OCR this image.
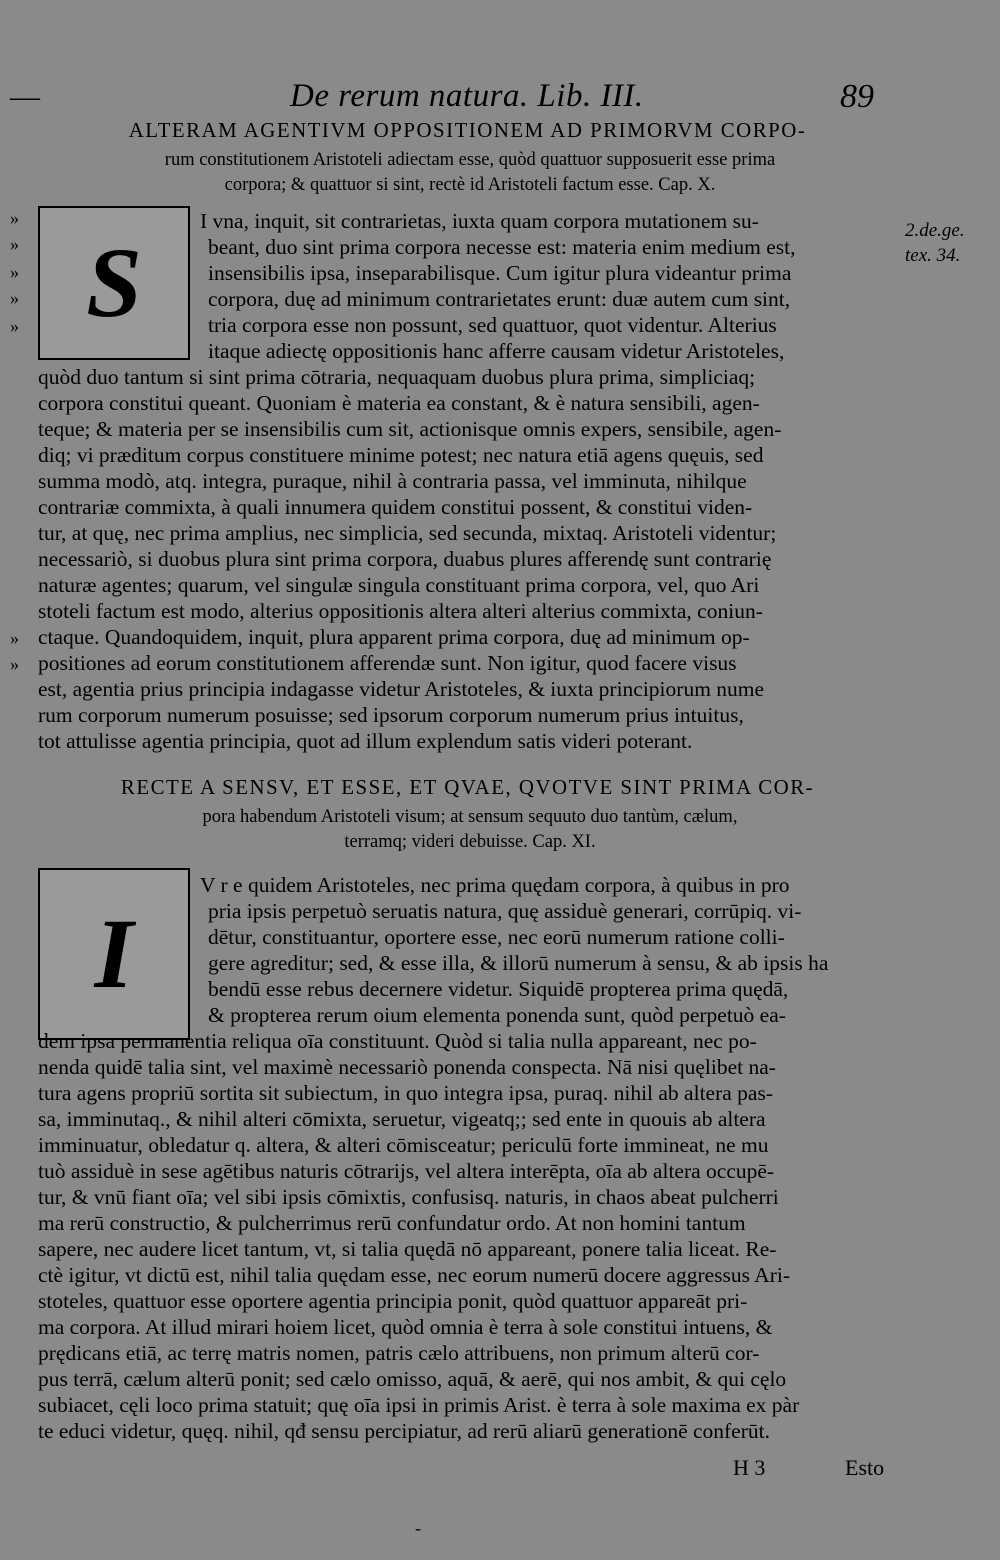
—	De rerum natura. Lib. III.	89
ALTERAM AGENTIVM OPPOSITIONEM AD PRIMORVM CORPO-
rum constitutionem Aristoteli adiectam esse, quòd quattuor supposuerit esse prima
corpora; & quattuor si sint, rectè id Aristoteli factum esse. Cap. X.
S
»
»
»
»
»
2.de.ge.
tex. 34.
I vna, inquit, sit contrarietas, iuxta quam corpora mutationem su-
beant, duo sint prima corpora necesse est: materia enim medium est,
insensibilis ipsa, inseparabilisque. Cum igitur plura videantur prima
corpora, duę ad minimum contrarietates erunt: duæ autem cum sint,
tria corpora esse non possunt, sed quattuor, quot videntur. Alterius
itaque adiectę oppositionis hanc afferre causam videtur Aristoteles,
quòd duo tantum si sint prima cōtraria, nequaquam duobus plura prima, simpliciaq;
corpora constitui queant. Quoniam è materia ea constant, & è natura sensibili, agen-
teque; & materia per se insensibilis cum sit, actionisque omnis expers, sensibile, agen-
diq; vi prӕditum corpus constituere minime potest; nec natura etiā agens quęuis, sed
summa modò, atq. integra, puraque, nihil à contraria passa, vel imminuta, nihilque
contrariæ commixta, à quali innumera quidem constitui possent, & constitui viden-
tur, at quę, nec prima amplius, nec simplicia, sed secunda, mixtaq. Aristoteli videntur;
necessariò, si duobus plura sint prima corpora, duabus plures afferendę sunt contrarię
naturæ agentes; quarum, vel singulæ singula constituant prima corpora, vel, quo Ari
stoteli factum est modo, alterius oppositionis altera alteri alterius commixta, coniun-
ctaque. Quandoquidem, inquit, plura apparent prima corpora, duę ad minimum op-
positiones ad eorum constitutionem afferendæ sunt. Non igitur, quod facere visus
est, agentia prius principia indagasse videtur Aristoteles, & iuxta principiorum nume
rum corporum numerum posuisse; sed ipsorum corporum numerum prius intuitus,
tot attulisse agentia principia, quot ad illum explendum satis videri poterant.
»
»
RECTE A SENSV, ET ESSE, ET QVAE, QVOTVE SINT PRIMA COR-
pora habendum Aristoteli visum; at sensum sequuto duo tantùm, cælum,
terramq; videri debuisse. Cap. XI.
I
V r e quidem Aristoteles, nec prima quędam corpora, à quibus in pro
pria ipsis perpetuò seruatis natura, quę assiduè generari, corrūpiq. vi-
dētur, constituantur, oportere esse, nec eorū numerum ratione colli-
gere agreditur; sed, & esse illa, & illorū numerum à sensu, & ab ipsis ha
bendū esse rebus decernere videtur. Siquidē propterea prima quędā,
& propterea rerum oium elementa ponenda sunt, quòd perpetuò ea-
dem ipsa permanentia reliqua oīa constituunt. Quòd si talia nulla appareant, nec po-
nenda quidē talia sint, vel maximè necessariò ponenda conspecta. Nā nisi quęlibet na-
tura agens propriū sortita sit subiectum, in quo integra ipsa, puraq. nihil ab altera pas-
sa, imminutaq., & nihil alteri cōmixta, seruetur, vigeatq;; sed ente in quouis ab altera
imminuatur, obledatur q. altera, & alteri cōmisceatur; periculū forte immineat, ne mu
tuò assiduè in sese agētibus naturis cōtrarijs, vel altera interēpta, oīa ab altera occupē-
tur, & vnū fiant oīa; vel sibi ipsis cōmixtis, confusisq. naturis, in chaos abeat pulcherri
ma rerū constructio, & pulcherrimus rerū confundatur ordo. At non homini tantum
sapere, nec audere licet tantum, vt, si talia quędā nō appareant, ponere talia liceat. Re-
ctè igitur, vt dictū est, nihil talia quędam esse, nec eorum numerū docere aggressus Ari-
stoteles, quattuor esse oportere agentia principia ponit, quòd quattuor appareāt pri-
ma corpora. At illud mirari hoiem licet, quòd omnia è terra à sole constitui intuens, &
prędicans etiā, ac terrę matris nomen, patris cælo attribuens, non primum alterū cor-
pus terrā, cælum alterū ponit; sed cælo omisso, aquā, & aerē, qui nos ambit, & qui cęlo
subiacet, cęli loco prima statuit; quę oīa ipsi in primis Arist. è terra à sole maxima ex pàr
te educi videtur, quęq. nihil, qđ sensu percipiatur, ad rerū aliarū generationē conferūt.
H 3	Esto
-
